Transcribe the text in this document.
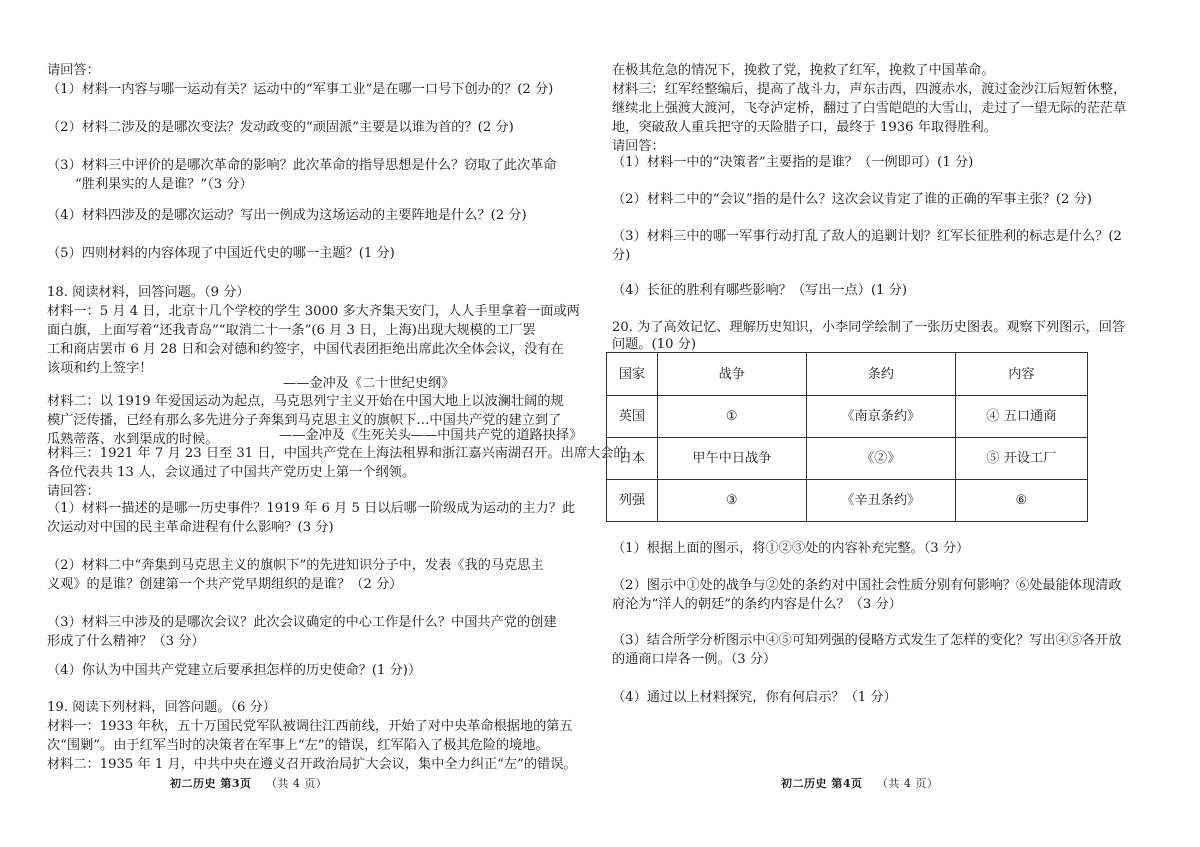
请回答：
（1）材料一内容与哪一运动有关？运动中的“军事工业”是在哪一口号下创办的？(2 分)
（2）材料二涉及的是哪次变法？发动政变的“顽固派”主要是以谁为首的？(2 分)
（3）材料三中评价的是哪次革命的影响？此次革命的指导思想是什么？窃取了此次革命
“胜利果实的人是谁？”（3 分）
（4）材料四涉及的是哪次运动？写出一例成为这场运动的主要阵地是什么？(2 分)
（5）四则材料的内容体现了中国近代史的哪一主题？(1 分)
18. 阅读材料，回答问题。（9 分）
材料一：5 月 4 日，北京十几个学校的学生 3000 多大齐集天安门，人人手里拿着一面或两
面白旗，上面写着“还我青岛”“取消二十一条”(6 月 3 日，上海)出现大规模的工厂罢
工和商店罢市 6 月 28 日和会对德和约签字，中国代表团拒绝出席此次全体会议，没有在
该项和约上签字！
——金冲及《二十世纪史纲》
材料二：以 1919 年爱国运动为起点，马克思列宁主义开始在中国大地上以波澜壮阔的规
模广泛传播，已经有那么多先进分子奔集到马克思主义的旗帜下…中国共产党的建立到了
瓜熟蒂落、水到渠成的时候。	——金冲及《生死关头——中国共产党的道路抉择》
材料三：1921 年 7 月 23 日至 31 日，中国共产党在上海法租界和浙江嘉兴南湖召开。出席大会的
各位代表共 13 人，会议通过了中国共产党历史上第一个纲领。
请回答：
（1）材料一描述的是哪一历史事件？1919 年 6 月 5 日以后哪一阶级成为运动的主力？此
次运动对中国的民主革命进程有什么影响？(3 分)
（2）材料二中“奔集到马克思主义的旗帜下”的先进知识分子中，发表《我的马克思主
义观》的是谁？创建第一个共产党早期组织的是谁？（2 分）
（3）材料三中涉及的是哪次会议？此次会议确定的中心工作是什么？中国共产党的创建
形成了什么精神？（3 分）
（4）你认为中国共产党建立后要承担怎样的历史使命？(1 分)）
19. 阅读下列材料，回答问题。（6 分）
材料一：1933 年秋，五十万国民党军队被调往江西前线，开始了对中央革命根据地的第五
次“围剿”。由于红军当时的决策者在军事上“左”的错误，红军陷入了极其危险的境地。
材料二：1935 年 1 月，中共中央在遵义召开政治局扩大会议，集中全力纠正“左”的错误。
初二历史 第3页 （共 4 页）
在极其危急的情况下，挽救了党，挽救了红军，挽救了中国革命。
材料三：红军经整编后，提高了战斗力，声东击西，四渡赤水，渡过金沙江后短暂休整，
继续北上强渡大渡河，飞夺泸定桥，翻过了白雪皑皑的大雪山，走过了一望无际的茫茫草
地，突破敌人重兵把守的天险腊子口，最终于 1936 年取得胜利。
请回答：
（1）材料一中的“决策者”主要指的是谁？（一例即可）(1 分)
（2）材料二中的“会议”指的是什么？这次会议肯定了谁的正确的军事主张？(2 分)
（3）材料三中的哪一军事行动打乱了敌人的追剿计划？红军长征胜利的标志是什么？(2
分)
（4）长征的胜利有哪些影响？（写出一点）(1 分)
20. 为了高效记忆、理解历史知识，小李同学绘制了一张历史图表。观察下列图示，回答
问题。(10 分)
（1）根据上面的图示，将①②③处的内容补充完整。（3 分）
（2）图示中①处的战争与②处的条约对中国社会性质分别有何影响？⑥处最能体现清政
府沦为“洋人的朝廷”的条约内容是什么？（3 分）
（3）结合所学分析图示中④⑤可知列强的侵略方式发生了怎样的变化？写出④⑤各开放
的通商口岸各一例。（3 分）
（4）通过以上材料探究，你有何启示？（1 分）
国家	战争	条约	内容
英国	①	《南京条约》	④ 五口通商
日本	甲午中日战争	《②》	⑤ 开设工厂
列强	③	《辛丑条约》	⑥
初二历史 第4页 （共 4 页）
